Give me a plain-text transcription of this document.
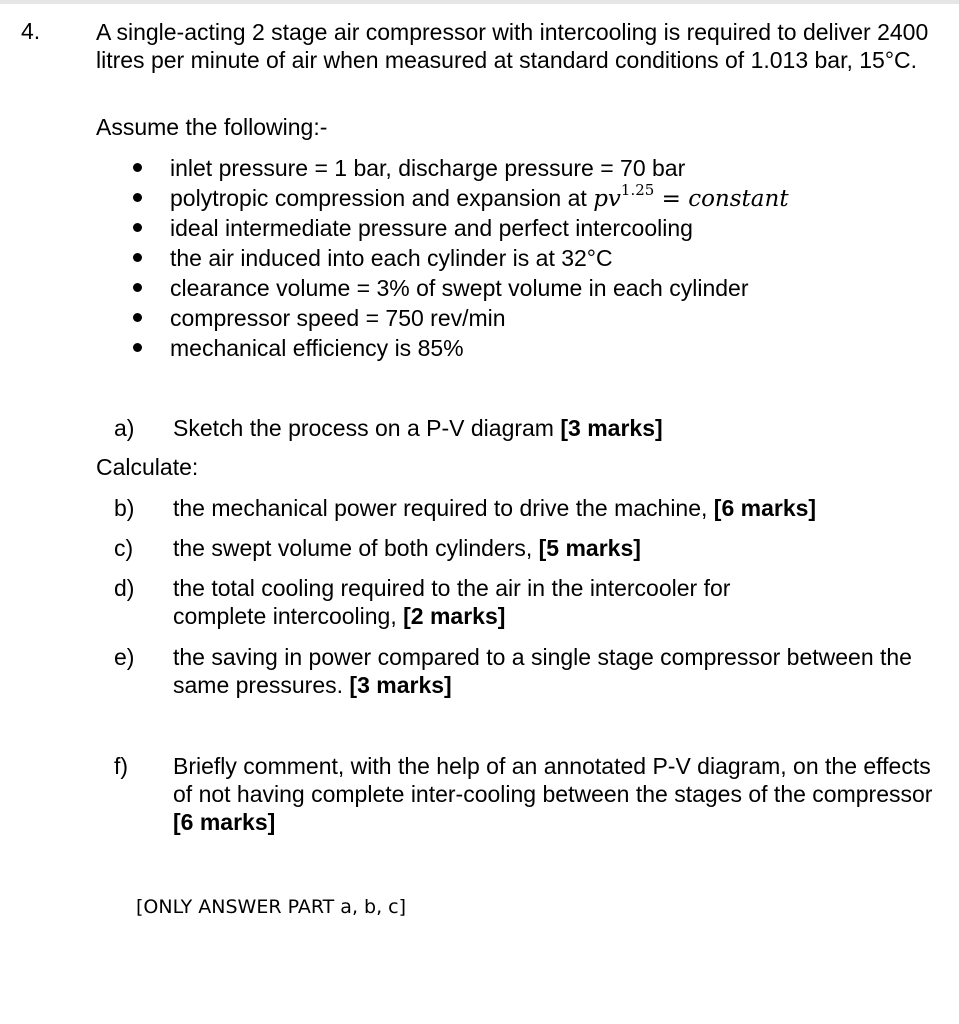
4. A single-acting 2 stage air compressor with intercooling is required to deliver 2400 litres per minute of air when measured at standard conditions of 1.013 bar, 15°C.
Assume the following:-
inlet pressure = 1 bar, discharge pressure = 70 bar
polytropic compression and expansion at $pv^{1.25}$ = constant
ideal intermediate pressure and perfect intercooling
the air induced into each cylinder is at 32°C
clearance volume = 3% of swept volume in each cylinder
compressor speed = 750 rev/min
mechanical efficiency is 85%
a) Sketch the process on a P-V diagram [3 marks]
Calculate:
b) the mechanical power required to drive the machine, [6 marks]
c) the swept volume of both cylinders, [5 marks]
d) the total cooling required to the air in the intercooler for complete intercooling, [2 marks]
e) the saving in power compared to a single stage compressor between the same pressures. [3 marks]
f) Briefly comment, with the help of an annotated P-V diagram, on the effects of not having complete inter-cooling between the stages of the compressor [6 marks]
[ONLY ANSWER PART a, b, c]
